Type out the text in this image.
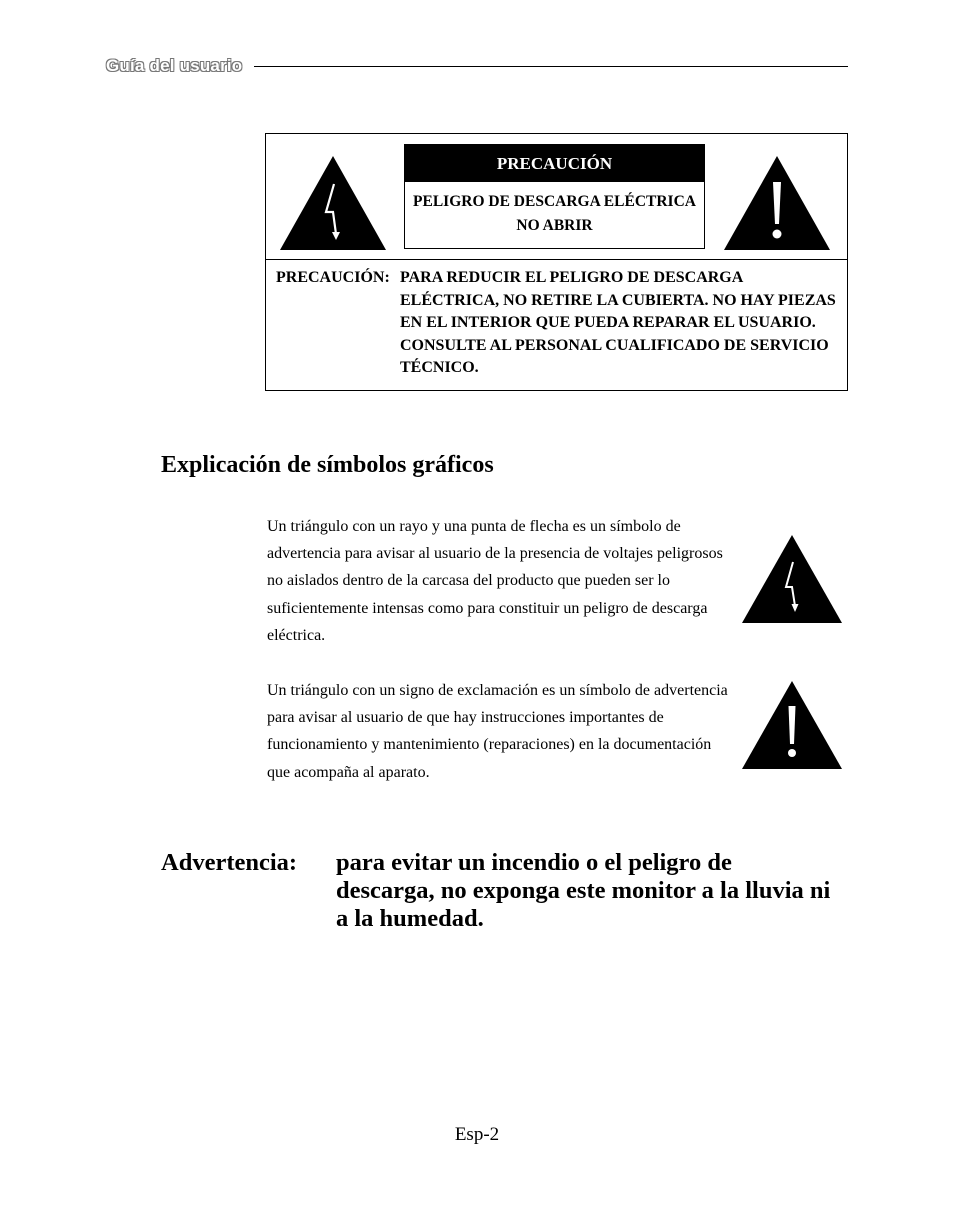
Guía del usuario
PRECAUCIÓN
PELIGRO DE DESCARGA ELÉCTRICA
NO ABRIR
PRECAUCIÓN: PARA REDUCIR EL PELIGRO DE DESCARGA ELÉCTRICA, NO RETIRE LA CUBIERTA. NO HAY PIEZAS EN EL INTERIOR QUE PUEDA REPARAR EL USUARIO. CONSULTE AL PERSONAL CUALIFICADO DE SERVICIO TÉCNICO.
Explicación de símbolos gráficos
Un triángulo con un rayo y una punta de flecha es un símbolo de advertencia para avisar al usuario de la presencia de voltajes peligrosos no aislados dentro de la carcasa del producto que pueden ser lo suficientemente intensas como para constituir un peligro de descarga eléctrica.
Un triángulo con un signo de exclamación es un símbolo de advertencia para avisar al usuario de que hay instrucciones importantes de funcionamiento y mantenimiento (reparaciones) en la documentación que acompaña al aparato.
Advertencia: para evitar un incendio o el peligro de descarga, no exponga este monitor a la lluvia ni a la humedad.
Esp-2
